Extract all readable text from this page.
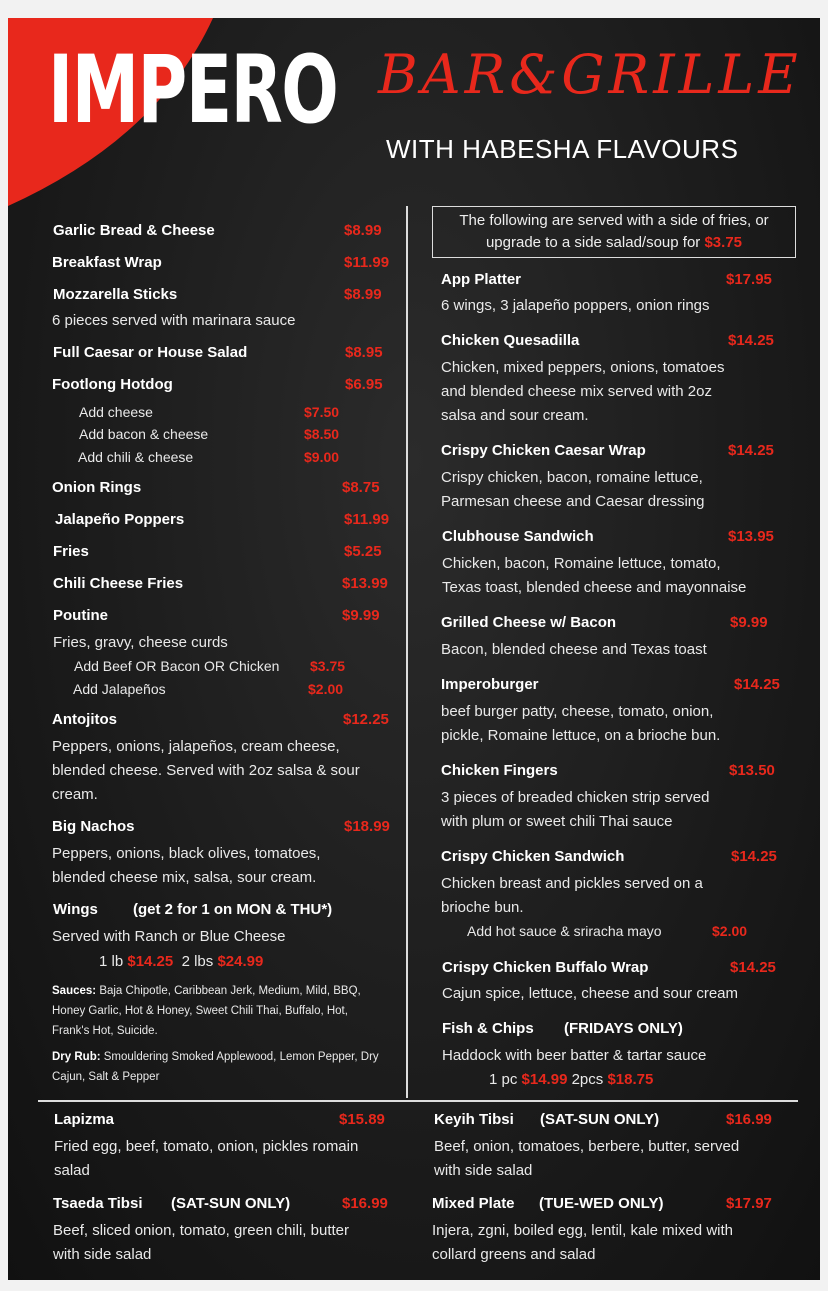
IMPERO BAR&GRILLE
WITH HABESHA FLAVOURS
Garlic Bread & Cheese	$8.99
Breakfast Wrap	$11.99
Mozzarella Sticks	$8.99
6 pieces served with marinara sauce
Full Caesar or House Salad	$8.95
Footlong Hotdog	$6.95
Add cheese	$7.50
Add bacon & cheese	$8.50
Add chili & cheese	$9.00
Onion Rings	$8.75
Jalapeño Poppers	$11.99
Fries	$5.25
Chili Cheese Fries	$13.99
Poutine	$9.99
Fries, gravy, cheese curds
Add Beef OR Bacon OR Chicken $3.75
Add Jalapeños	$2.00
Antojitos	$12.25
Peppers, onions, jalapeños, cream cheese,
blended cheese. Served with 2oz salsa & sour
cream.
Big Nachos	$18.99
Peppers, onions, black olives, tomatoes,
blended cheese mix, salsa, sour cream.
Wings (get 2 for 1 on MON & THU*)
Served with Ranch or Blue Cheese
1 lb $14.25 2 lbs $24.99
Sauces: Baja Chipotle, Caribbean Jerk, Medium, Mild, BBQ, Honey Garlic, Hot & Honey, Sweet Chili Thai, Buffalo, Hot, Frank's Hot, Suicide.
Dry Rub: Smouldering Smoked Applewood, Lemon Pepper, Dry Cajun, Salt & Pepper
The following are served with a side of fries, or upgrade to a side salad/soup for $3.75
App Platter	$17.95
6 wings, 3 jalapeño poppers, onion rings
Chicken Quesadilla	$14.25
Chicken, mixed peppers, onions, tomatoes
and blended cheese mix served with 2oz
salsa and sour cream.
Crispy Chicken Caesar Wrap	$14.25
Crispy chicken, bacon, romaine lettuce,
Parmesan cheese and Caesar dressing
Clubhouse Sandwich	$13.95
Chicken, bacon, Romaine lettuce, tomato,
Texas toast, blended cheese and mayonnaise
Grilled Cheese w/ Bacon	$9.99
Bacon, blended cheese and Texas toast
Imperoburger	$14.25
beef burger patty, cheese, tomato, onion,
pickle, Romaine lettuce, on a brioche bun.
Chicken Fingers	$13.50
3 pieces of breaded chicken strip served
with plum or sweet chili Thai sauce
Crispy Chicken Sandwich	$14.25
Chicken breast and pickles served on a
brioche bun.
Add hot sauce & sriracha mayo	$2.00
Crispy Chicken Buffalo Wrap	$14.25
Cajun spice, lettuce, cheese and sour cream
Fish & Chips (FRIDAYS ONLY)
Haddock with beer batter & tartar sauce
1 pc $14.99 2pcs $18.75
Lapizma	$15.89
Fried egg, beef, tomato, onion, pickles romain
salad
Tsaeda Tibsi (SAT-SUN ONLY)	$16.99
Beef, sliced onion, tomato, green chili, butter
with side salad
Keyih Tibsi (SAT-SUN ONLY)	$16.99
Beef, onion, tomatoes, berbere, butter, served
with side salad
Mixed Plate (TUE-WED ONLY)	$17.97
Injera, zgni, boiled egg, lentil, kale mixed with
collard greens and salad
